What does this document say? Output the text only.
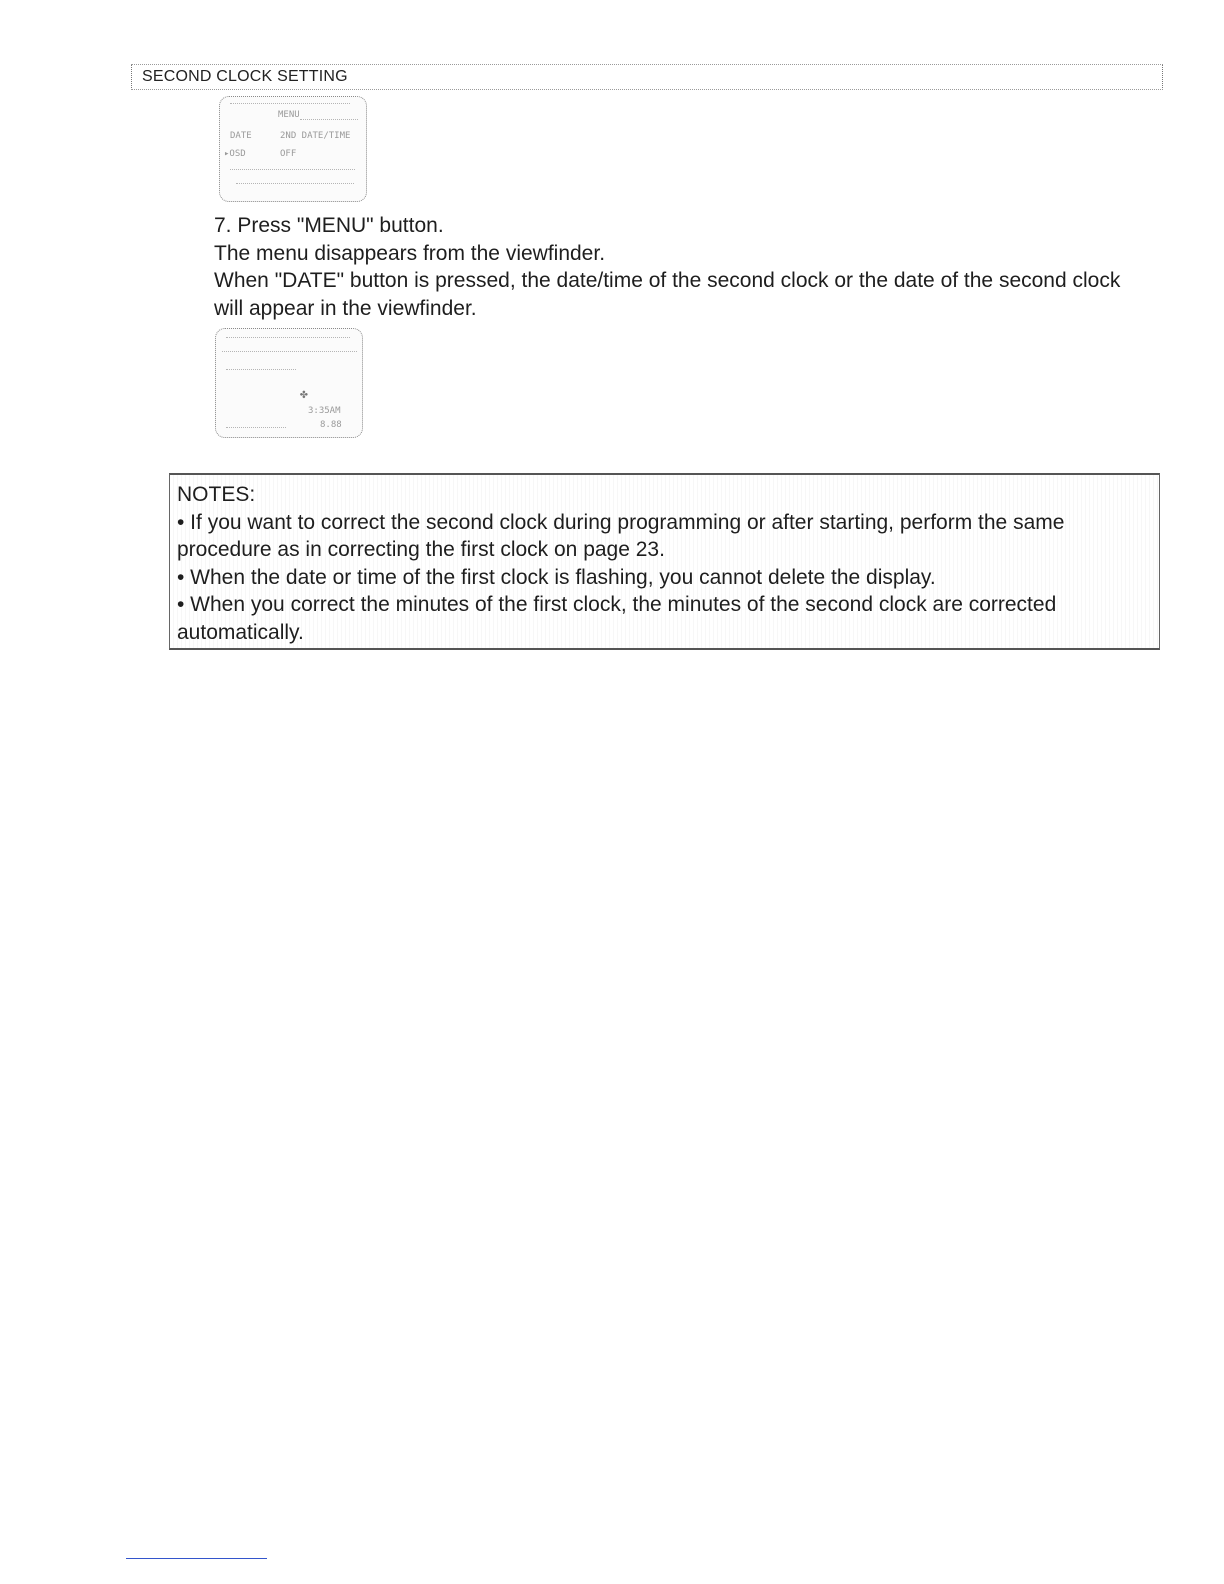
SECOND CLOCK SETTING
MENU
DATE	2ND DATE/TIME
▸OSD	OFF

7. Press "MENU" button.

The menu disappears from the viewfinder.

When "DATE" button is pressed, the date/time of the second clock or the date of the second clock will appear in the viewfinder.

✤
3:35AM
8.88

NOTES:

• If you want to correct the second clock during programming or after starting, perform the same procedure as in correcting the first clock on page 23.

• When the date or time of the first clock is flashing, you cannot delete the display.

• When you correct the minutes of the first clock, the minutes of the second clock are corrected automatically.
